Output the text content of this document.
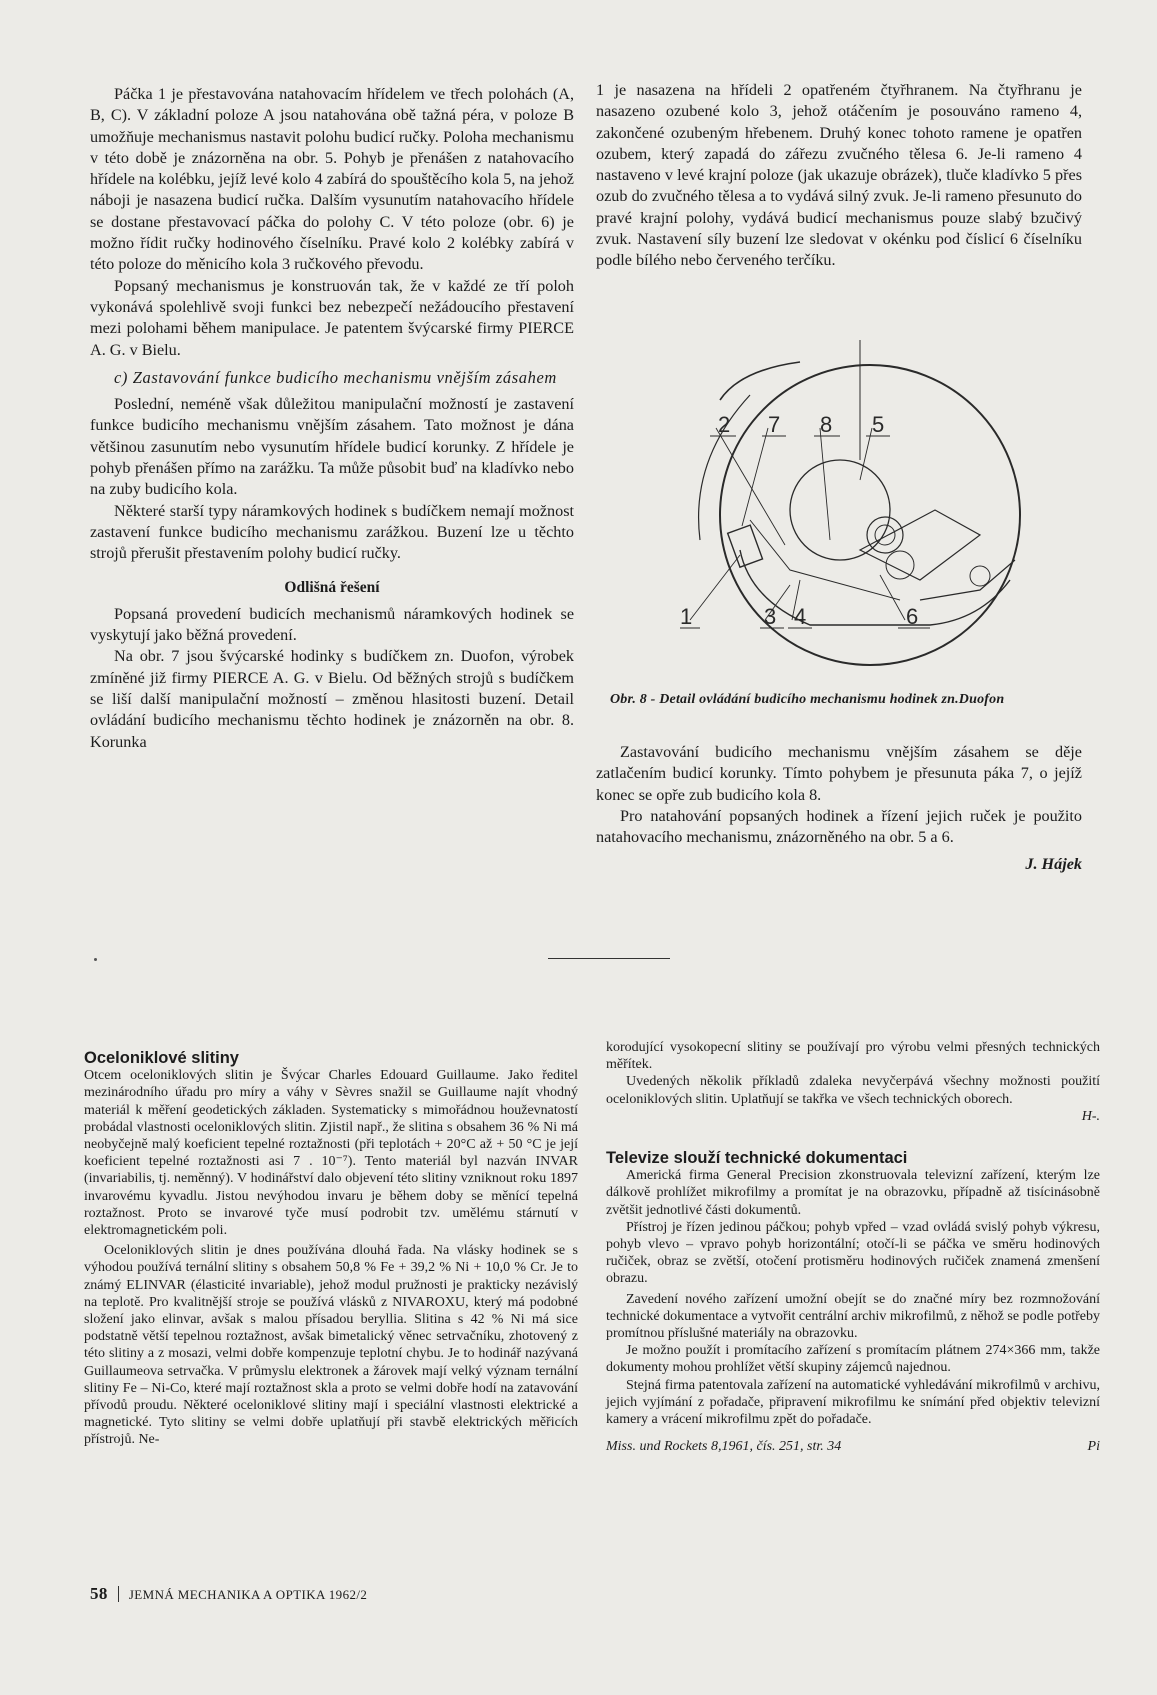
Páčka 1 je přestavována natahovacím hřídelem ve třech polohách (A, B, C). V základní poloze A jsou natahována obě tažná péra, v poloze B umožňuje mechanismus nastavit polohu budicí ručky. Poloha mechanismu v této době je znázorněna na obr. 5. Pohyb je přenášen z natahovacího hřídele na kolébku, jejíž levé kolo 4 zabírá do spouštěcího kola 5, na jehož náboji je nasazena budicí ručka. Dalším vysunutím natahovacího hřídele se dostane přestavovací páčka do polohy C. V této poloze (obr. 6) je možno řídit ručky hodinového číselníku. Pravé kolo 2 kolébky zabírá v této poloze do měnicího kola 3 ručkového převodu.

Popsaný mechanismus je konstruován tak, že v každé ze tří poloh vykonává spolehlivě svoji funkci bez nebezpečí nežádoucího přestavení mezi polohami během manipulace. Je patentem švýcarské firmy PIERCE A. G. v Bielu.

c) Zastavování funkce budicího mechanismu vnějším zásahem

Poslední, neméně však důležitou manipulační možností je zastavení funkce budicího mechanismu vnějším zásahem. Tato možnost je dána většinou zasunutím nebo vysunutím hřídele budicí korunky. Z hřídele je pohyb přenášen přímo na zarážku. Ta může působit buď na kladívko nebo na zuby budicího kola.

Některé starší typy náramkových hodinek s budíčkem nemají možnost zastavení funkce budicího mechanismu zarážkou. Buzení lze u těchto strojů přerušit přestavením polohy budicí ručky.

Odlišná řešení

Popsaná provedení budicích mechanismů náramkových hodinek se vyskytují jako běžná provedení.

Na obr. 7 jsou švýcarské hodinky s budíčkem zn. Duofon, výrobek zmíněné již firmy PIERCE A. G. v Bielu. Od běžných strojů s budíčkem se liší další manipulační možností – změnou hlasitosti buzení. Detail ovládání budicího mechanismu těchto hodinek je znázorněn na obr. 8. Korunka

1 je nasazena na hřídeli 2 opatřeném čtyřhranem. Na čtyřhranu je nasazeno ozubené kolo 3, jehož otáčením je posouváno rameno 4, zakončené ozubeným hřebenem. Druhý konec tohoto ramene je opatřen ozubem, který zapadá do zářezu zvučného tělesa 6. Je-li rameno 4 nastaveno v levé krajní poloze (jak ukazuje obrázek), tluče kladívko 5 přes ozub do zvučného tělesa a to vydává silný zvuk. Je-li rameno přesunuto do pravé krajní polohy, vydává budicí mechanismus pouze slabý bzučivý zvuk. Nastavení síly buzení lze sledovat v okénku pod číslicí 6 číselníku podle bílého nebo červeného terčíku.

2 7 8 5
1	3 4	6
Obr. 8 - Detail ovládání budicího mechanismu hodinek zn.Duofon

Zastavování budicího mechanismu vnějším zásahem se děje zatlačením budicí korunky. Tímto pohybem je přesunuta páka 7, o jejíž konec se opře zub budicího kola 8.

Pro natahování popsaných hodinek a řízení jejich ruček je použito natahovacího mechanismu, znázorněného na obr. 5 a 6.

J. Hájek

Oceloniklové slitiny

Otcem oceloniklových slitin je Švýcar Charles Edouard Guillaume. Jako ředitel mezinárodního úřadu pro míry a váhy v Sèvres snažil se Guillaume najít vhodný materiál k měření geodetických základen. Systematicky s mimořádnou houževnatostí probádal vlastnosti oceloniklových slitin. Zjistil např., že slitina s obsahem 36 % Ni má neobyčejně malý koeficient tepelné roztažnosti (při teplotách + 20°C až + 50 °C je její koeficient tepelné roztažnosti asi 7 . 10⁻⁷). Tento materiál byl nazván INVAR (invariabilis, tj. neměnný). V hodinářství dalo objevení této slitiny vzniknout roku 1897 invarovému kyvadlu. Jistou nevýhodou invaru je během doby se měnící tepelná roztažnost. Proto se invarové tyče musí podrobit tzv. umělému stárnutí v elektromagnetickém poli.

Oceloniklových slitin je dnes používána dlouhá řada. Na vlásky hodinek se s výhodou používá ternální slitiny s obsahem 50,8 % Fe + 39,2 % Ni + 10,0 % Cr. Je to známý ELINVAR (élasticité invariable), jehož modul pružnosti je prakticky nezávislý na teplotě. Pro kvalitnější stroje se používá vlásků z NIVAROXU, který má podobné složení jako elinvar, avšak s malou přísadou beryllia. Slitina s 42 % Ni má sice podstatně větší tepelnou roztažnost, avšak bimetalický věnec setrvačníku, zhotovený z této slitiny a z mosazi, velmi dobře kompenzuje teplotní chybu. Je to hodinář nazývaná Guillaumeova setrvačka. V průmyslu elektronek a žárovek mají velký význam ternální slitiny Fe – Ni-Co, které mají roztažnost skla a proto se velmi dobře hodí na zatavování přívodů proudu. Některé oceloniklové slitiny mají i speciální vlastnosti elektrické a magnetické. Tyto slitiny se velmi dobře uplatňují při stavbě elektrických měřicích přístrojů. Ne-

korodující vysokopecní slitiny se používají pro výrobu velmi přesných technických měřítek.

Uvedených několik příkladů zdaleka nevyčerpává všechny možnosti použití oceloniklových slitin. Uplatňují se takřka ve všech technických oborech.

H-.

Televize slouží technické dokumentaci

Americká firma General Precision zkonstruovala televizní zařízení, kterým lze dálkově prohlížet mikrofilmy a promítat je na obrazovku, případně až tisícinásobně zvětšit jednotlivé části dokumentů.

Přístroj je řízen jedinou páčkou; pohyb vpřed – vzad ovládá svislý pohyb výkresu, pohyb vlevo – vpravo pohyb horizontální; otočí-li se páčka ve směru hodinových ručiček, obraz se zvětší, otočení protisměru hodinových ručiček znamená zmenšení obrazu.

Zavedení nového zařízení umožní obejít se do značné míry bez rozmnožování technické dokumentace a vytvořit centrální archiv mikrofilmů, z něhož se podle potřeby promítnou příslušné materiály na obrazovku.

Je možno použít i promítacího zařízení s promítacím plátnem 274×366 mm, takže dokumenty mohou prohlížet větší skupiny zájemců najednou.

Stejná firma patentovala zařízení na automatické vyhledávání mikrofilmů v archivu, jejich vyjímání z pořadače, připravení mikrofilmu ke snímání před objektiv televizní kamery a vrácení mikrofilmu zpět do pořadače.

Miss. und Rockets 8,1961, čís. 251, str. 34	Pi

58 JEMNÁ MECHANIKA A OPTIKA 1962/2
